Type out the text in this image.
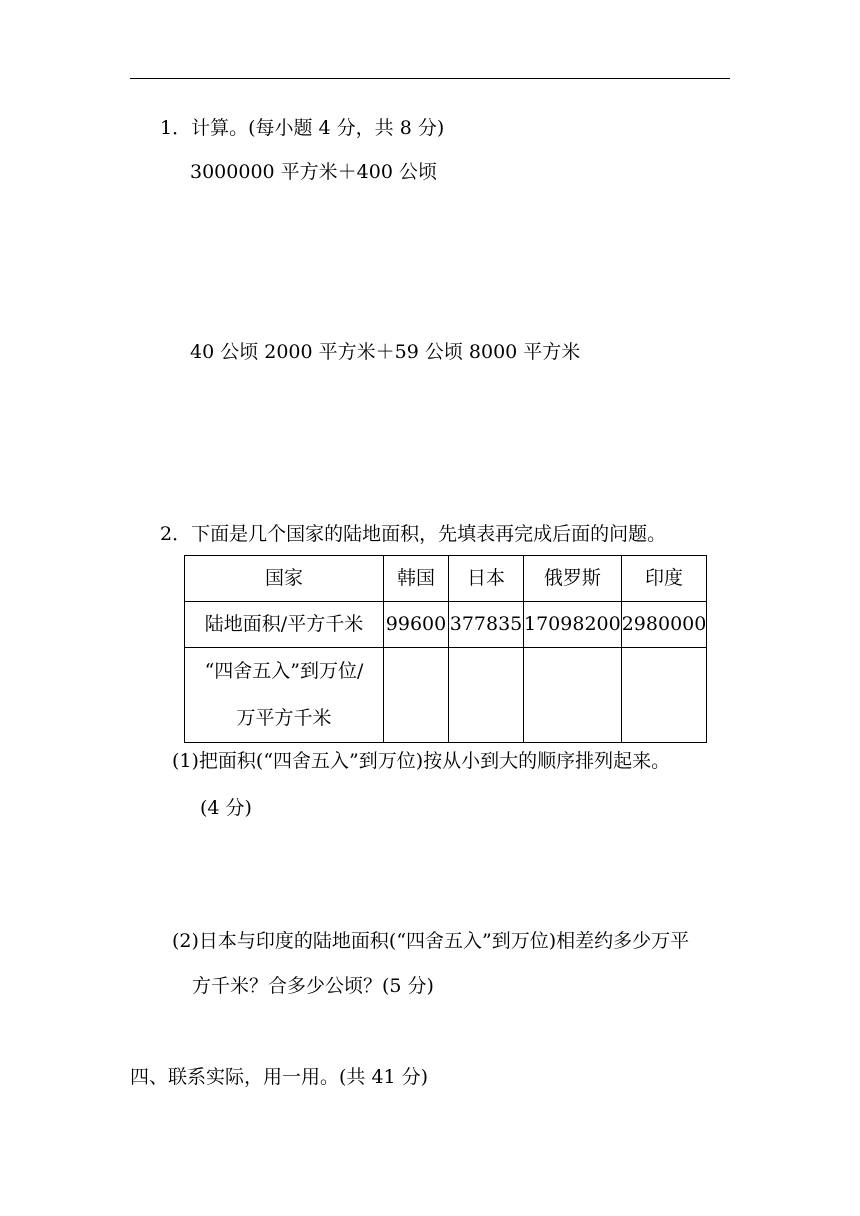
1．计算。(每小题 4 分，共 8 分)
3000000 平方米＋400 公顷
40 公顷 2000 平方米＋59 公顷 8000 平方米
2．下面是几个国家的陆地面积，先填表再完成后面的问题。
国家	韩国	日本	俄罗斯	印度
陆地面积/平方千米	99600	377835	17098200	2980000

“四舍五入”到万位/
万平方千米				

(1)把面积(“四舍五入”到万位)按从小到大的顺序排列起来。
(4 分)
(2)日本与印度的陆地面积(“四舍五入”到万位)相差约多少万平
方千米？合多少公顷？(5 分)
四、联系实际，用一用。(共 41 分)
